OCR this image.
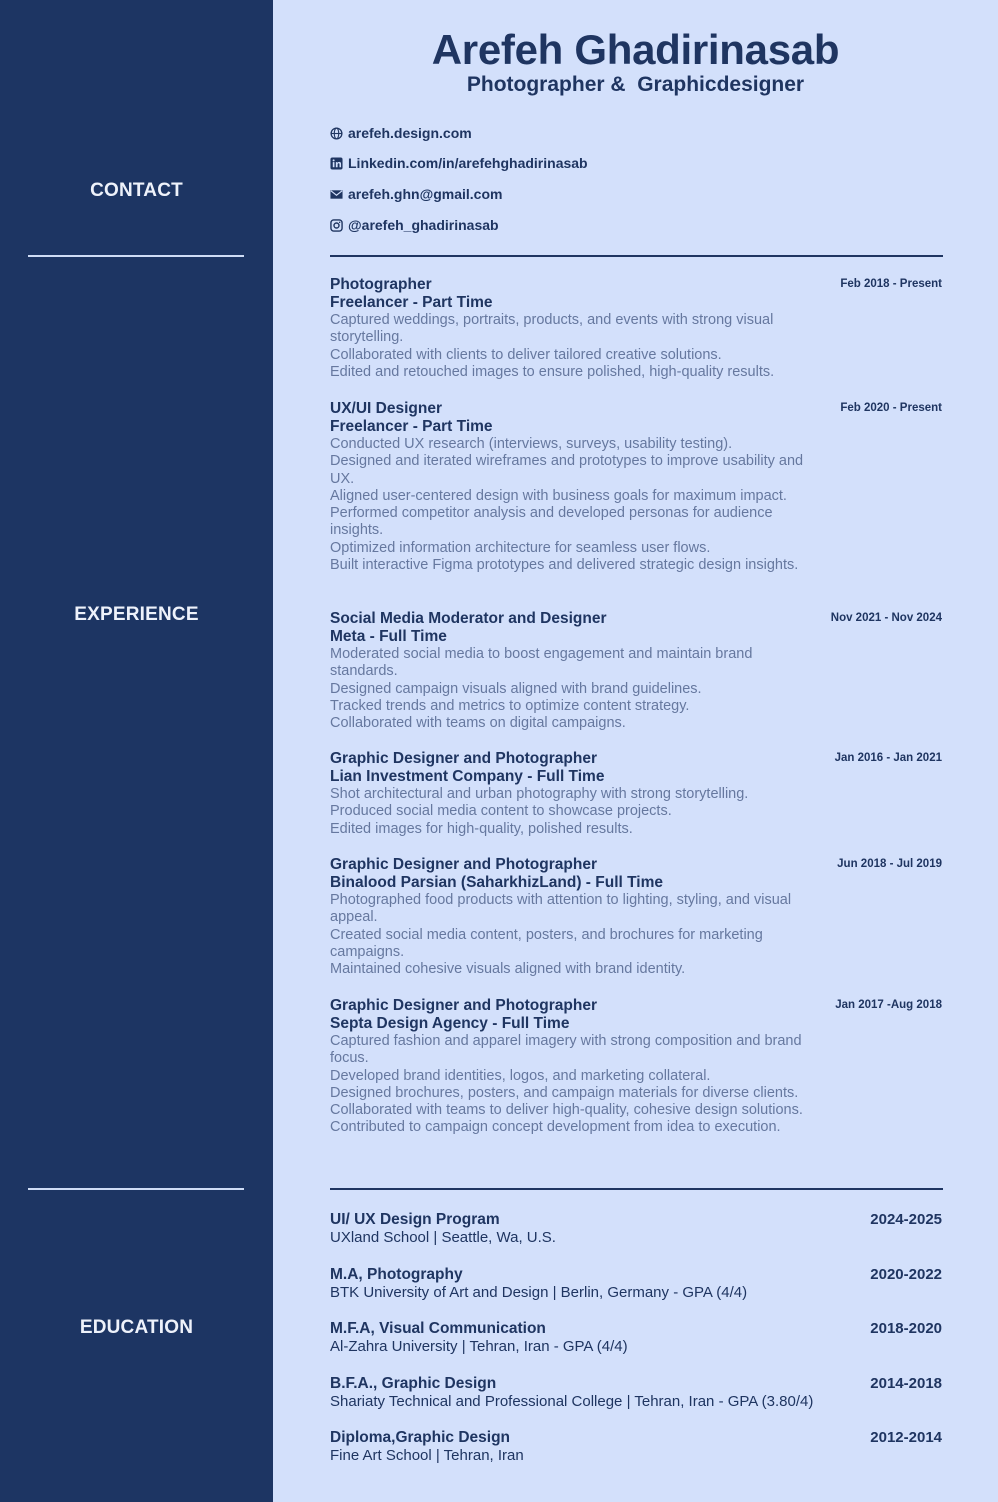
CONTACT
EXPERIENCE
EDUCATION
Arefeh Ghadirinasab
Photographer &  Graphicdesigner
arefeh.design.com
Linkedin.com/in/arefehghadirinasab
arefeh.ghn@gmail.com
@arefeh_ghadirinasab
Photographer
Freelancer - Part Time
Feb 2018 - Present
Captured weddings, portraits, products, and events with strong visual storytelling.
Collaborated with clients to deliver tailored creative solutions.
Edited and retouched images to ensure polished, high-quality results.
UX/UI Designer
Freelancer - Part Time
Feb 2020 - Present
Conducted UX research (interviews, surveys, usability testing).
Designed and iterated wireframes and prototypes to improve usability and UX.
Aligned user-centered design with business goals for maximum impact.
Performed competitor analysis and developed personas for audience insights.
Optimized information architecture for seamless user flows.
Built interactive Figma prototypes and delivered strategic design insights.
Social Media Moderator and Designer
Meta - Full Time
Nov 2021 - Nov 2024
Moderated social media to boost engagement and maintain brand standards.
Designed campaign visuals aligned with brand guidelines.
Tracked trends and metrics to optimize content strategy.
Collaborated with teams on digital campaigns.
Graphic Designer and Photographer
Lian Investment Company - Full Time
Jan 2016 - Jan 2021
Shot architectural and urban photography with strong storytelling.
Produced social media content to showcase projects.
Edited images for high-quality, polished results.
Graphic Designer and Photographer
Binalood Parsian (SaharkhizLand) - Full Time
Jun 2018 - Jul 2019
Photographed food products with attention to lighting, styling, and visual appeal.
Created social media content, posters, and brochures for marketing campaigns.
Maintained cohesive visuals aligned with brand identity.
Graphic Designer and Photographer
Septa Design Agency - Full Time
Jan 2017 -Aug 2018
Captured fashion and apparel imagery with strong composition and brand focus.
Developed brand identities, logos, and marketing collateral.
Designed brochures, posters, and campaign materials for diverse clients.
Collaborated with teams to deliver high-quality, cohesive design solutions.
Contributed to campaign concept development from idea to execution.
UI/ UX Design Program
UXland School | Seattle, Wa, U.S.
2024-2025
M.A, Photography
BTK University of Art and Design | Berlin, Germany - GPA (4/4)
2020-2022
M.F.A, Visual Communication
Al-Zahra University | Tehran, Iran - GPA (4/4)
2018-2020
B.F.A., Graphic Design
Shariaty Technical and Professional College | Tehran, Iran - GPA (3.80/4)
2014-2018
Diploma,Graphic Design
Fine Art School | Tehran, Iran
2012-2014
